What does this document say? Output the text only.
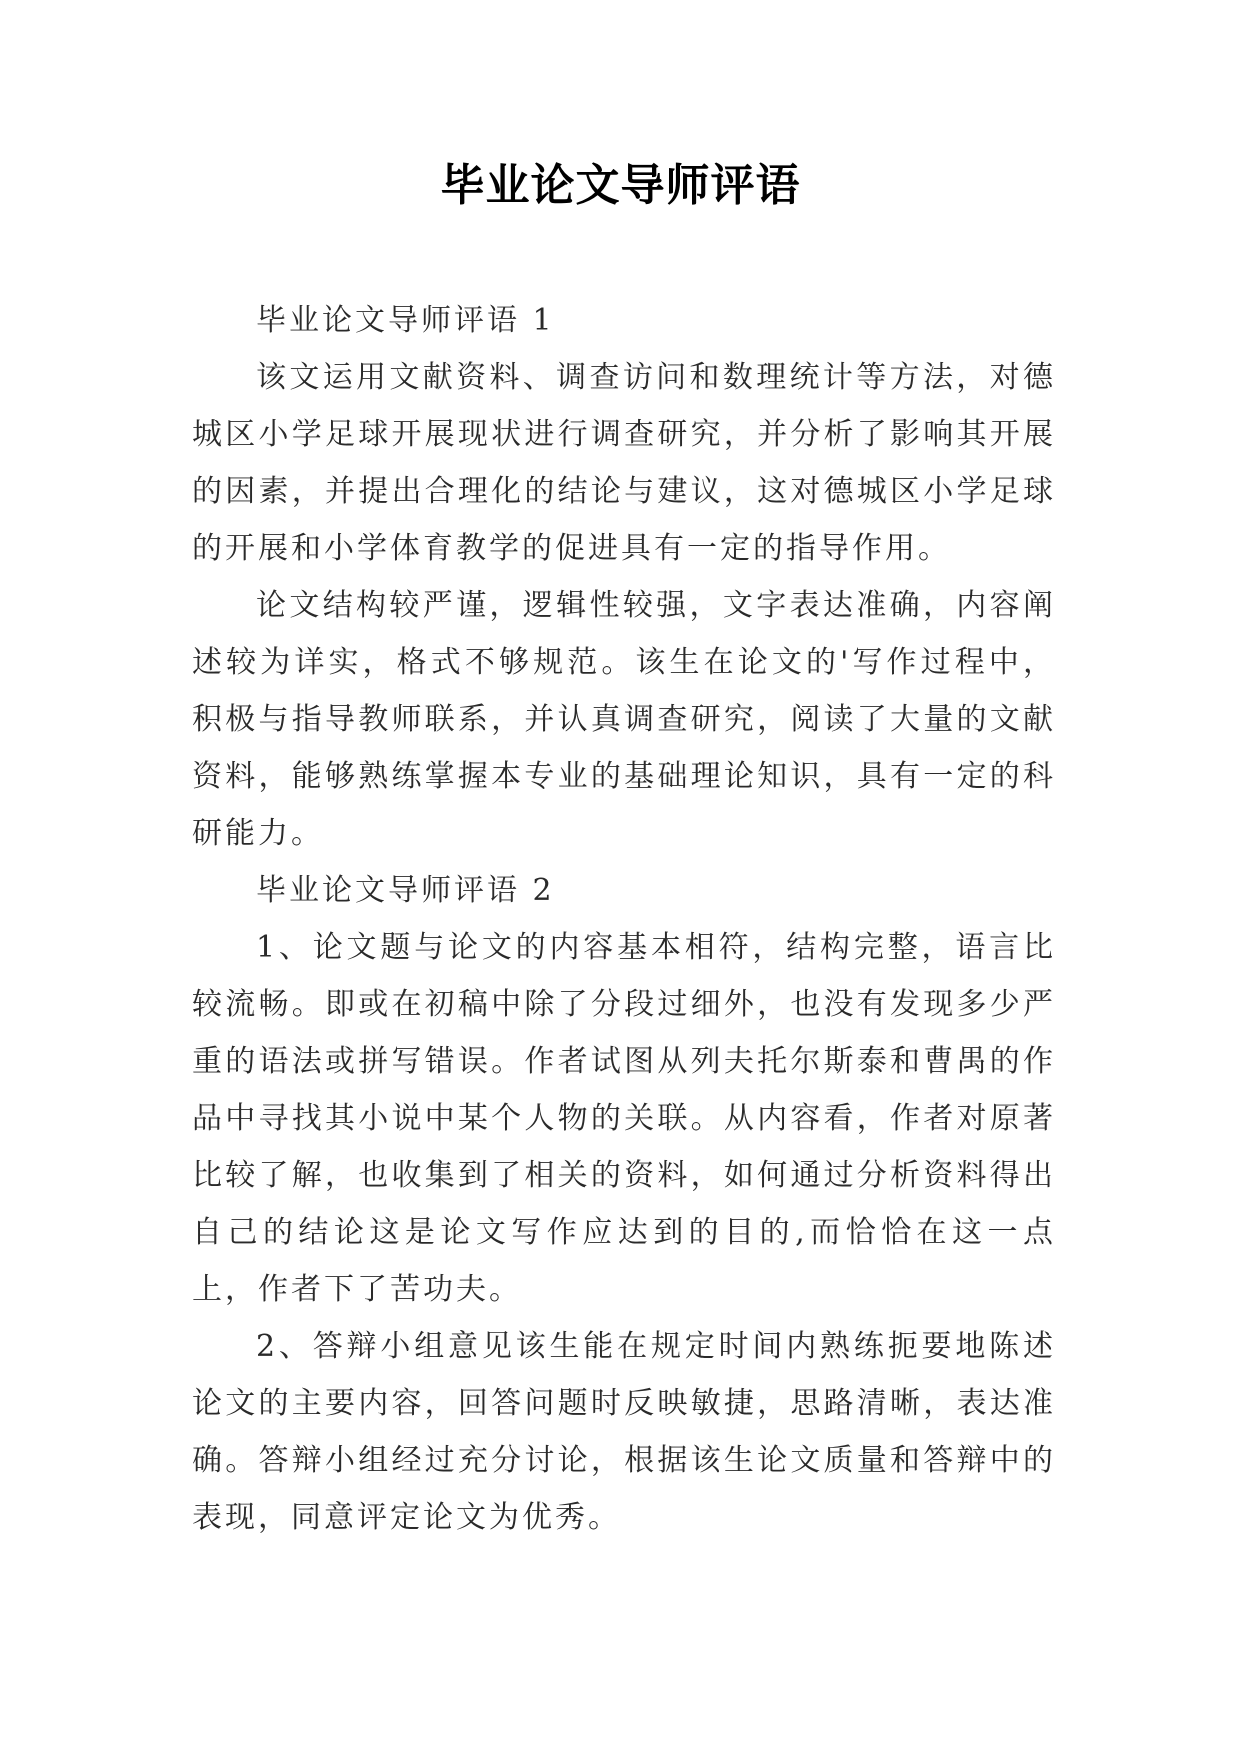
毕业论文导师评语

毕业论文导师评语 1

该文运用文献资料、调查访问和数理统计等方法，对德城区小学足球开展现状进行调查研究，并分析了影响其开展的因素，并提出合理化的结论与建议，这对德城区小学足球的开展和小学体育教学的促进具有一定的指导作用。

论文结构较严谨，逻辑性较强，文字表达准确，内容阐述较为详实，格式不够规范。该生在论文的'写作过程中，积极与指导教师联系，并认真调查研究，阅读了大量的文献资料，能够熟练掌握本专业的基础理论知识，具有一定的科研能力。

毕业论文导师评语 2

1、论文题与论文的内容基本相符，结构完整，语言比较流畅。即或在初稿中除了分段过细外，也没有发现多少严重的语法或拼写错误。作者试图从列夫托尔斯泰和曹禺的作品中寻找其小说中某个人物的关联。从内容看，作者对原著比较了解，也收集到了相关的资料，如何通过分析资料得出自己的结论这是论文写作应达到的目的,而恰恰在这一点上，作者下了苦功夫。

2、答辩小组意见该生能在规定时间内熟练扼要地陈述论文的主要内容，回答问题时反映敏捷，思路清晰，表达准确。答辩小组经过充分讨论，根据该生论文质量和答辩中的表现，同意评定论文为优秀。
